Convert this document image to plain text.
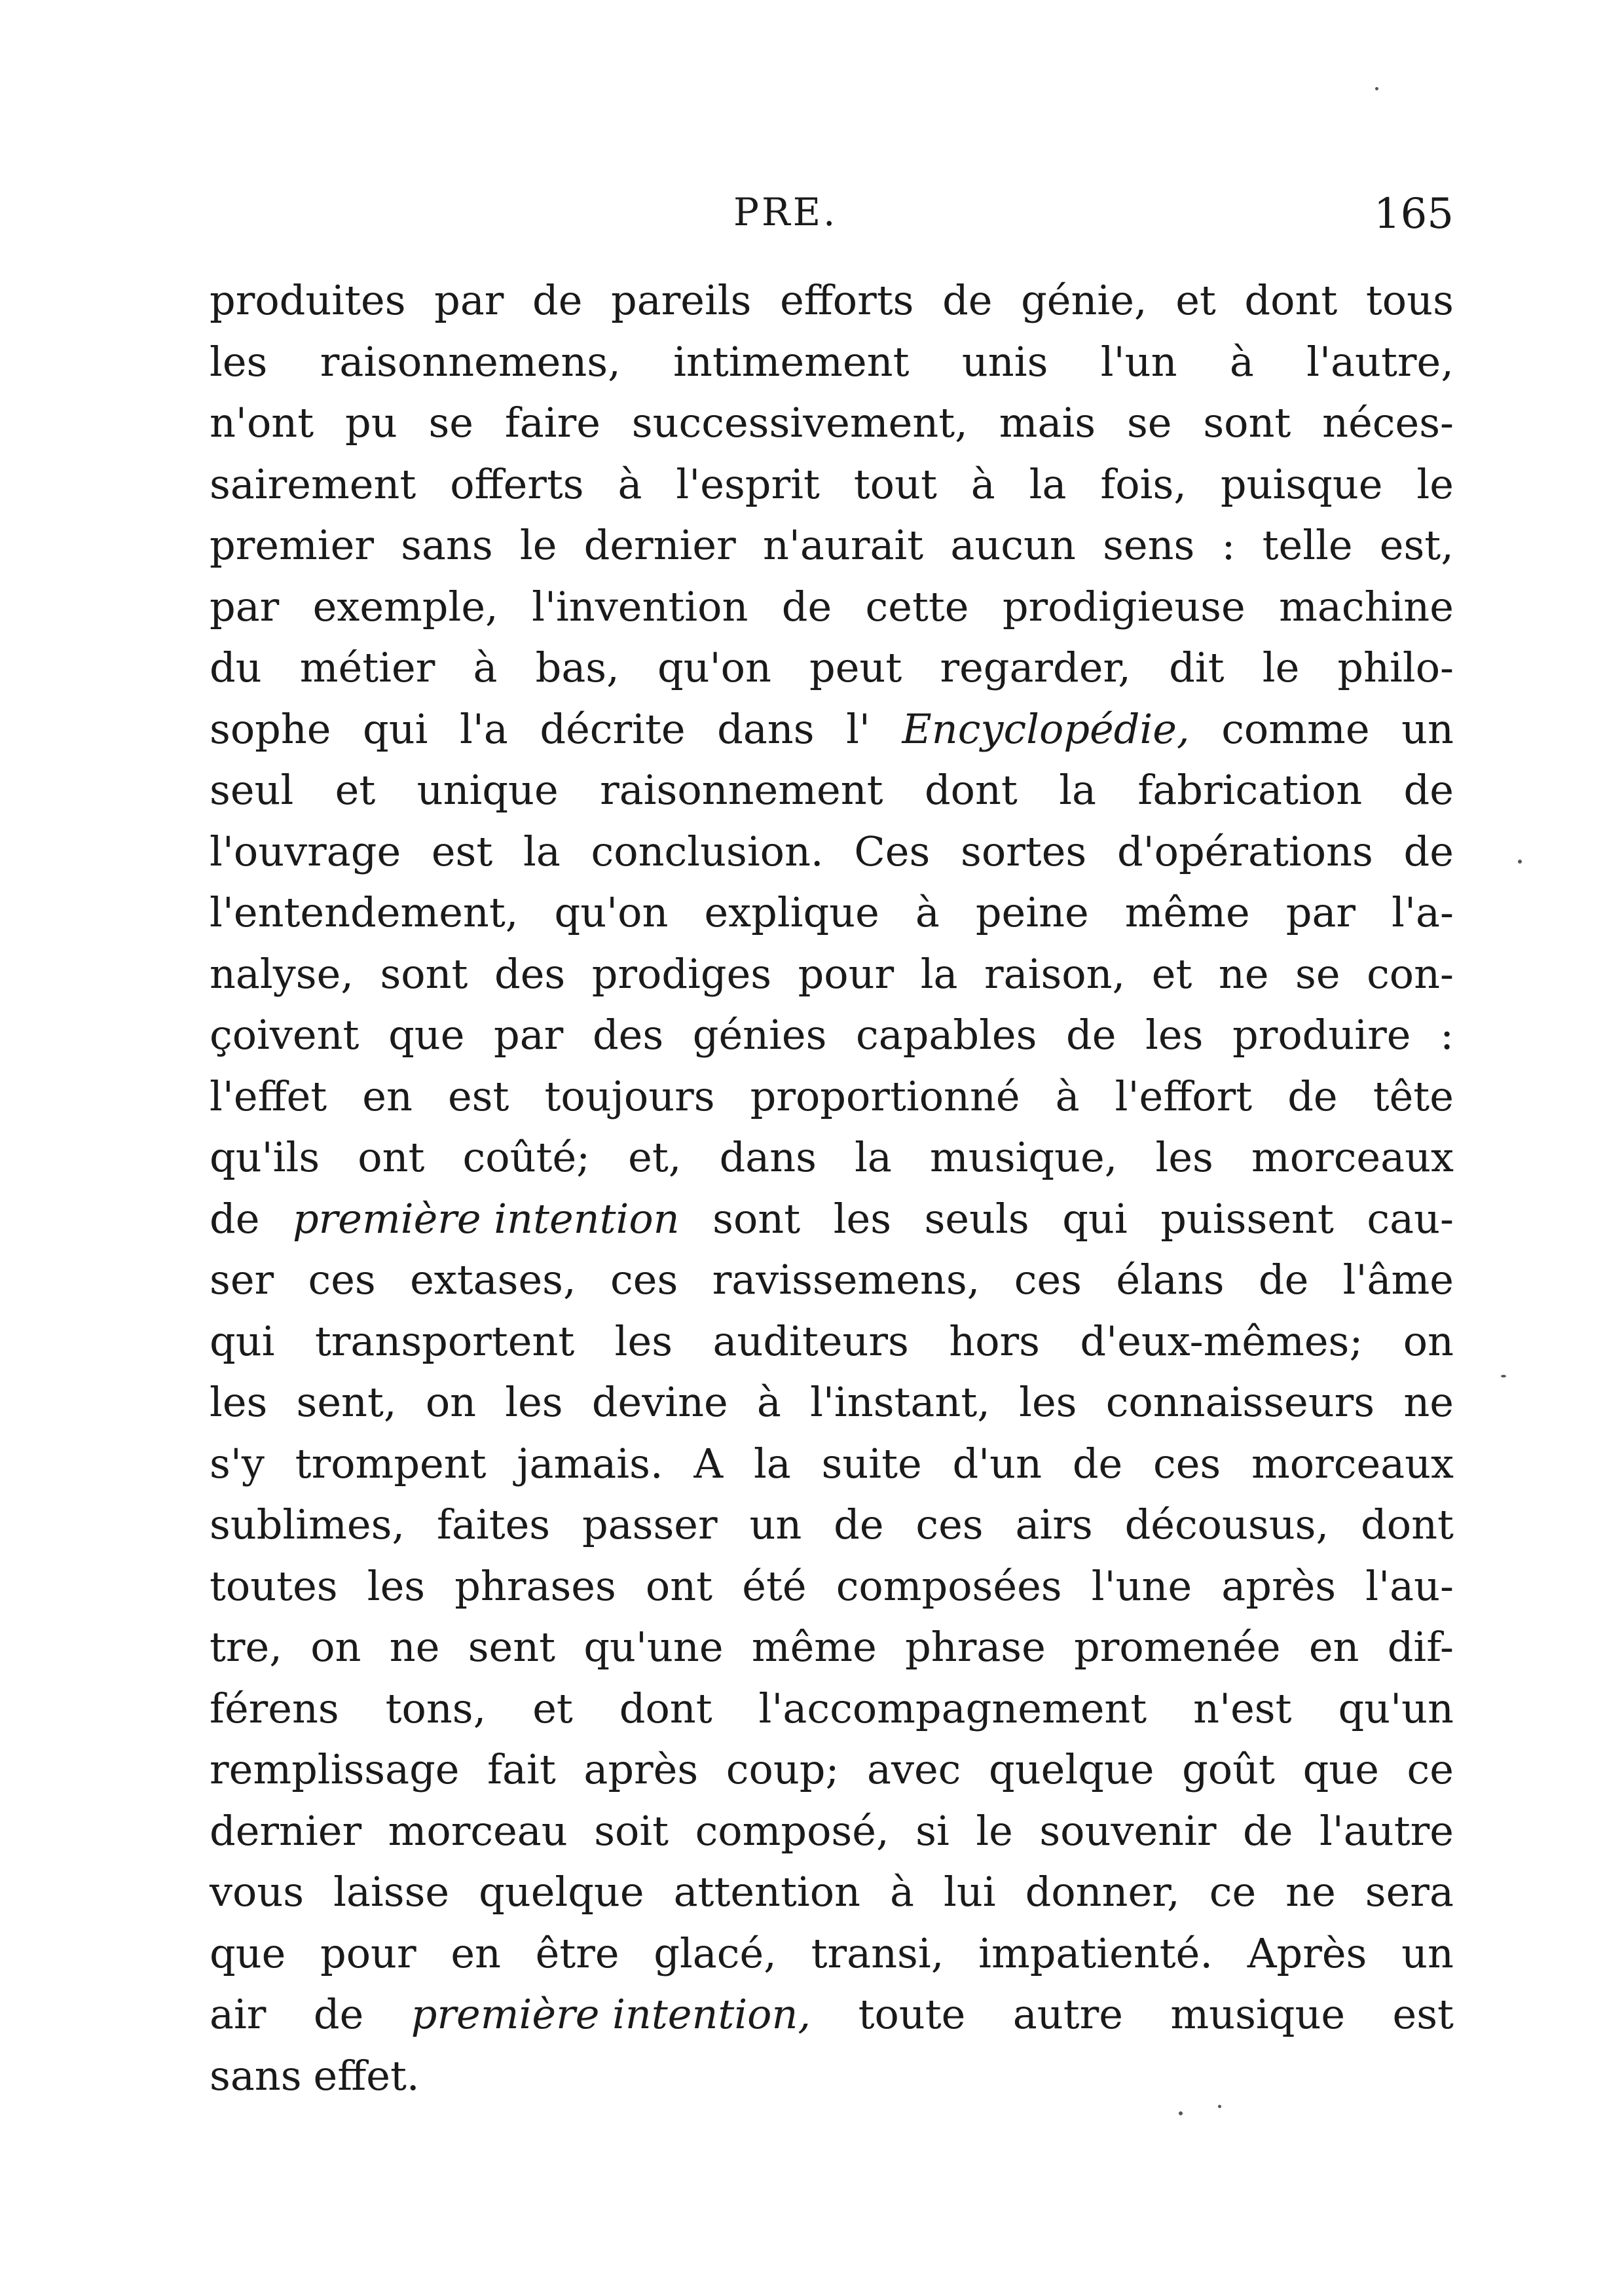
PRE.	165
produites par de pareils efforts de génie, et dont tous
les raisonnemens, intimement unis l'un à l'autre,
n'ont pu se faire successivement, mais se sont néces-
sairement offerts à l'esprit tout à la fois, puisque le
premier sans le dernier n'aurait aucun sens : telle est,
par exemple, l'invention de cette prodigieuse machine
du métier à bas, qu'on peut regarder, dit le philo-
sophe qui l'a décrite dans l' Encyclopédie, comme un
seul et unique raisonnement dont la fabrication de
l'ouvrage est la conclusion. Ces sortes d'opérations de
l'entendement, qu'on explique à peine même par l'a-
nalyse, sont des prodiges pour la raison, et ne se con-
çoivent que par des génies capables de les produire :
l'effet en est toujours proportionné à l'effort de tête
qu'ils ont coûté; et, dans la musique, les morceaux
de première intention sont les seuls qui puissent cau-
ser ces extases, ces ravissemens, ces élans de l'âme
qui transportent les auditeurs hors d'eux-mêmes; on
les sent, on les devine à l'instant, les connaisseurs ne
s'y trompent jamais. A la suite d'un de ces morceaux
sublimes, faites passer un de ces airs décousus, dont
toutes les phrases ont été composées l'une après l'au-
tre, on ne sent qu'une même phrase promenée en dif-
férens tons, et dont l'accompagnement n'est qu'un
remplissage fait après coup; avec quelque goût que ce
dernier morceau soit composé, si le souvenir de l'autre
vous laisse quelque attention à lui donner, ce ne sera
que pour en être glacé, transi, impatienté. Après un
air de première intention, toute autre musique est
sans effet.
